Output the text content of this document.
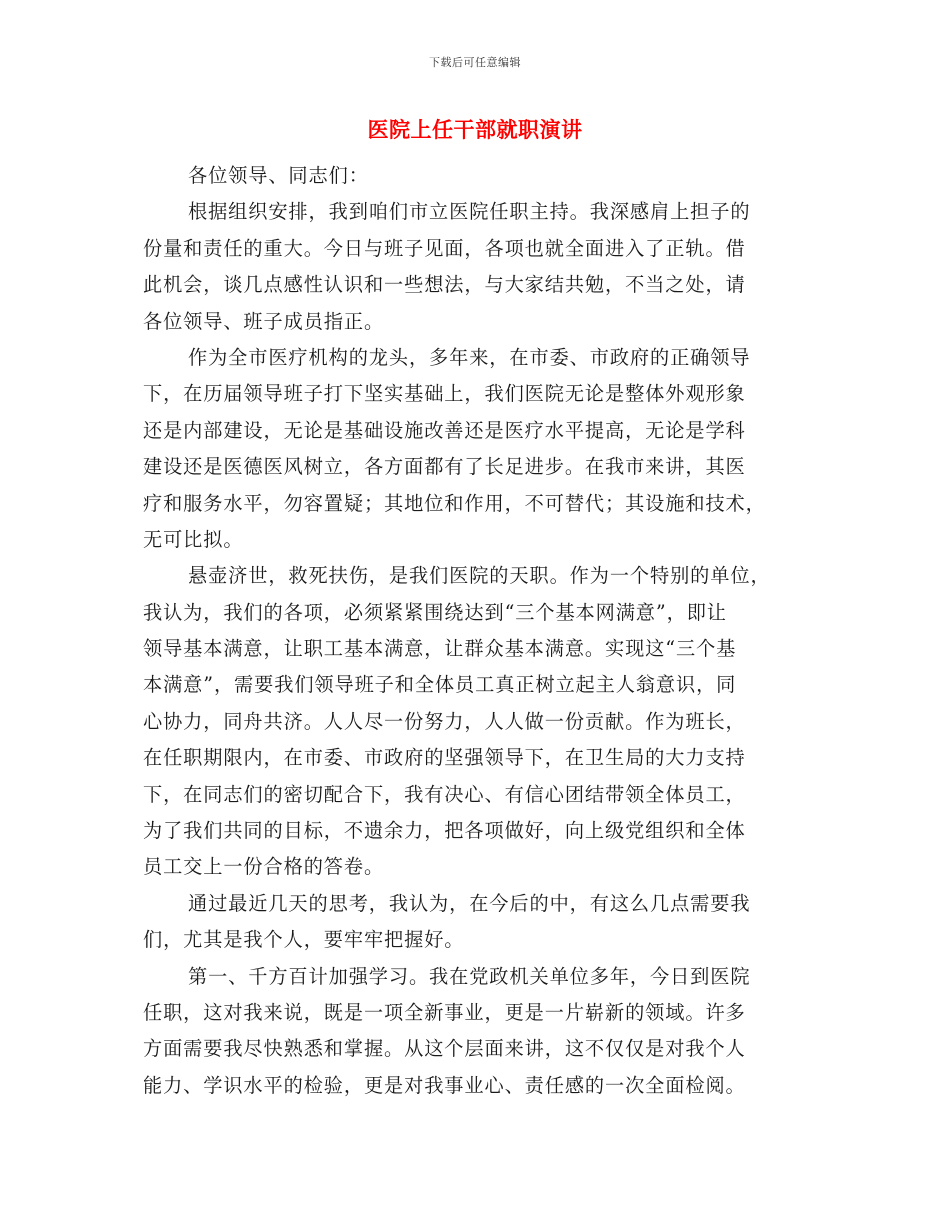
下载后可任意编辑
医院上任干部就职演讲
各位领导、同志们：
根据组织安排，我到咱们市立医院任职主持。我深感肩上担子的
份量和责任的重大。今日与班子见面，各项也就全面进入了正轨。借
此机会，谈几点感性认识和一些想法，与大家结共勉，不当之处，请
各位领导、班子成员指正。
作为全市医疗机构的龙头，多年来，在市委、市政府的正确领导
下，在历届领导班子打下坚实基础上，我们医院无论是整体外观形象
还是内部建设，无论是基础设施改善还是医疗水平提高，无论是学科
建设还是医德医风树立，各方面都有了长足进步。在我市来讲，其医
疗和服务水平，勿容置疑；其地位和作用，不可替代；其设施和技术，
无可比拟。
悬壶济世，救死扶伤，是我们医院的天职。作为一个特别的单位，
我认为，我们的各项，必须紧紧围绕达到“三个基本网满意”，即让
领导基本满意，让职工基本满意，让群众基本满意。实现这“三个基
本满意”，需要我们领导班子和全体员工真正树立起主人翁意识，同
心协力，同舟共济。人人尽一份努力，人人做一份贡献。作为班长，
在任职期限内，在市委、市政府的坚强领导下，在卫生局的大力支持
下，在同志们的密切配合下，我有决心、有信心团结带领全体员工，
为了我们共同的目标，不遗余力，把各项做好，向上级党组织和全体
员工交上一份合格的答卷。
通过最近几天的思考，我认为，在今后的中，有这么几点需要我
们，尤其是我个人，要牢牢把握好。
第一、千方百计加强学习。我在党政机关单位多年，今日到医院
任职，这对我来说，既是一项全新事业，更是一片崭新的领域。许多
方面需要我尽快熟悉和掌握。从这个层面来讲，这不仅仅是对我个人
能力、学识水平的检验，更是对我事业心、责任感的一次全面检阅。
